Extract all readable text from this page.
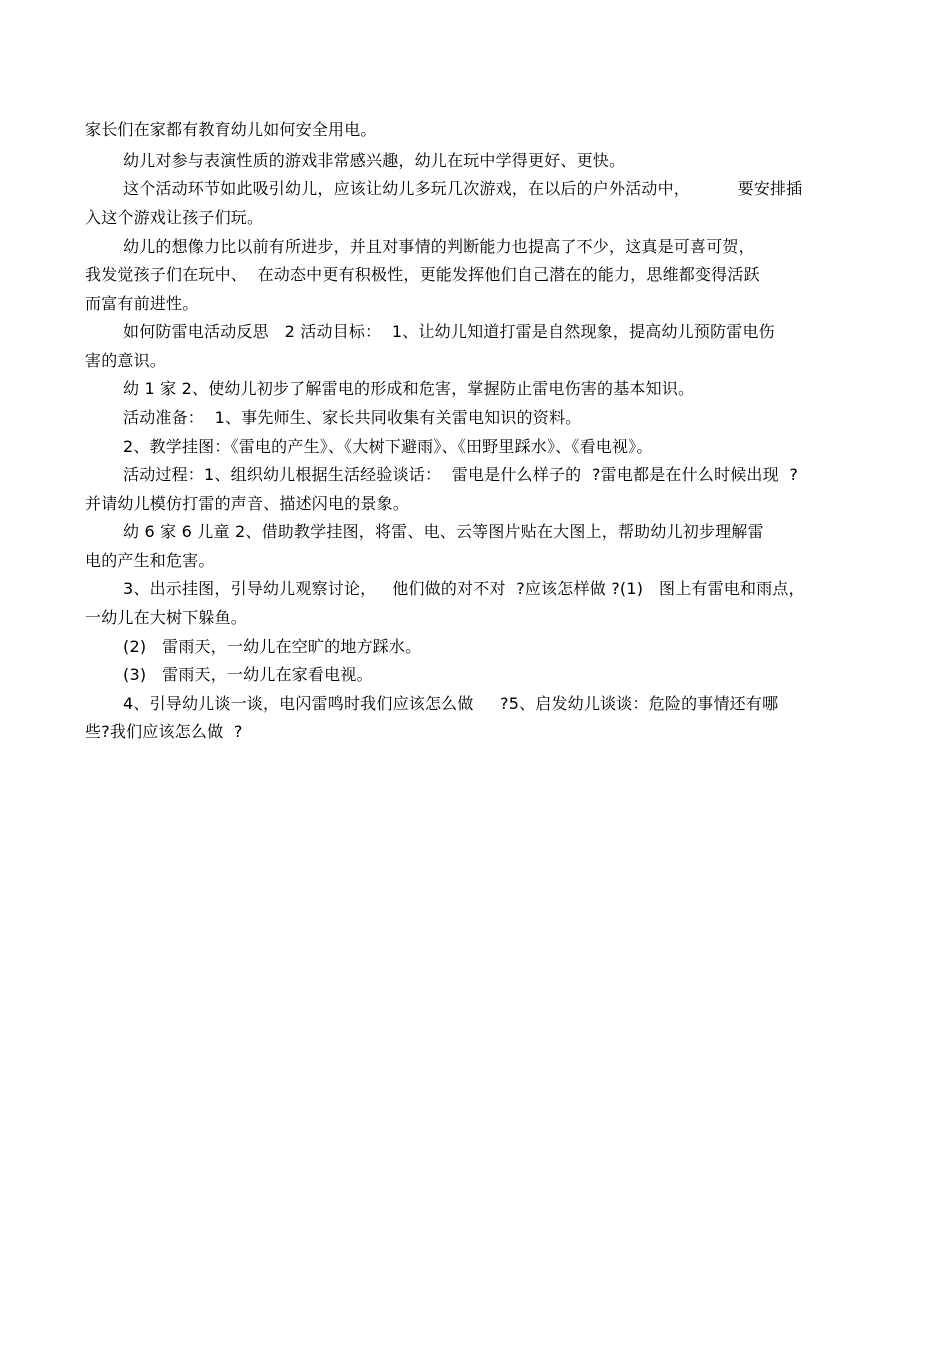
家长们在家都有教育幼儿如何安全用电。
幼儿对参与表演性质的游戏非常感兴趣，幼儿在玩中学得更好、更快。
这个活动环节如此吸引幼儿，应该让幼儿多玩几次游戏，在以后的户外活动中，         要安排插
入这个游戏让孩子们玩。
幼儿的想像力比以前有所进步，并且对事情的判断能力也提高了不少，这真是可喜可贺，
我发觉孩子们在玩中、  在动态中更有积极性，更能发挥他们自己潜在的能力，思维都变得活跃
而富有前进性。
如何防雷电活动反思   2 活动目标：  1、让幼儿知道打雷是自然现象，提高幼儿预防雷电伤
害的意识。
幼 1 家 2、使幼儿初步了解雷电的形成和危害，掌握防止雷电伤害的基本知识。
活动准备：  1、事先师生、家长共同收集有关雷电知识的资料。
2、教学挂图：《雷电的产生》、《大树下避雨》、《田野里踩水》、《看电视》。
活动过程：1、组织幼儿根据生活经验谈话：  雷电是什么样子的  ?雷电都是在什么时候出现  ?
并请幼儿模仿打雷的声音、描述闪电的景象。
幼 6 家 6 儿童 2、借助教学挂图，将雷、电、云等图片贴在大图上，帮助幼儿初步理解雷
电的产生和危害。
3、出示挂图，引导幼儿观察讨论，   他们做的对不对  ?应该怎样做 ?(1)   图上有雷电和雨点，
一幼儿在大树下躲鱼。
(2)   雷雨天，一幼儿在空旷的地方踩水。
(3)   雷雨天，一幼儿在家看电视。
4、引导幼儿谈一谈，电闪雷鸣时我们应该怎么做     ?5、启发幼儿谈谈：危险的事情还有哪
些?我们应该怎么做  ?
